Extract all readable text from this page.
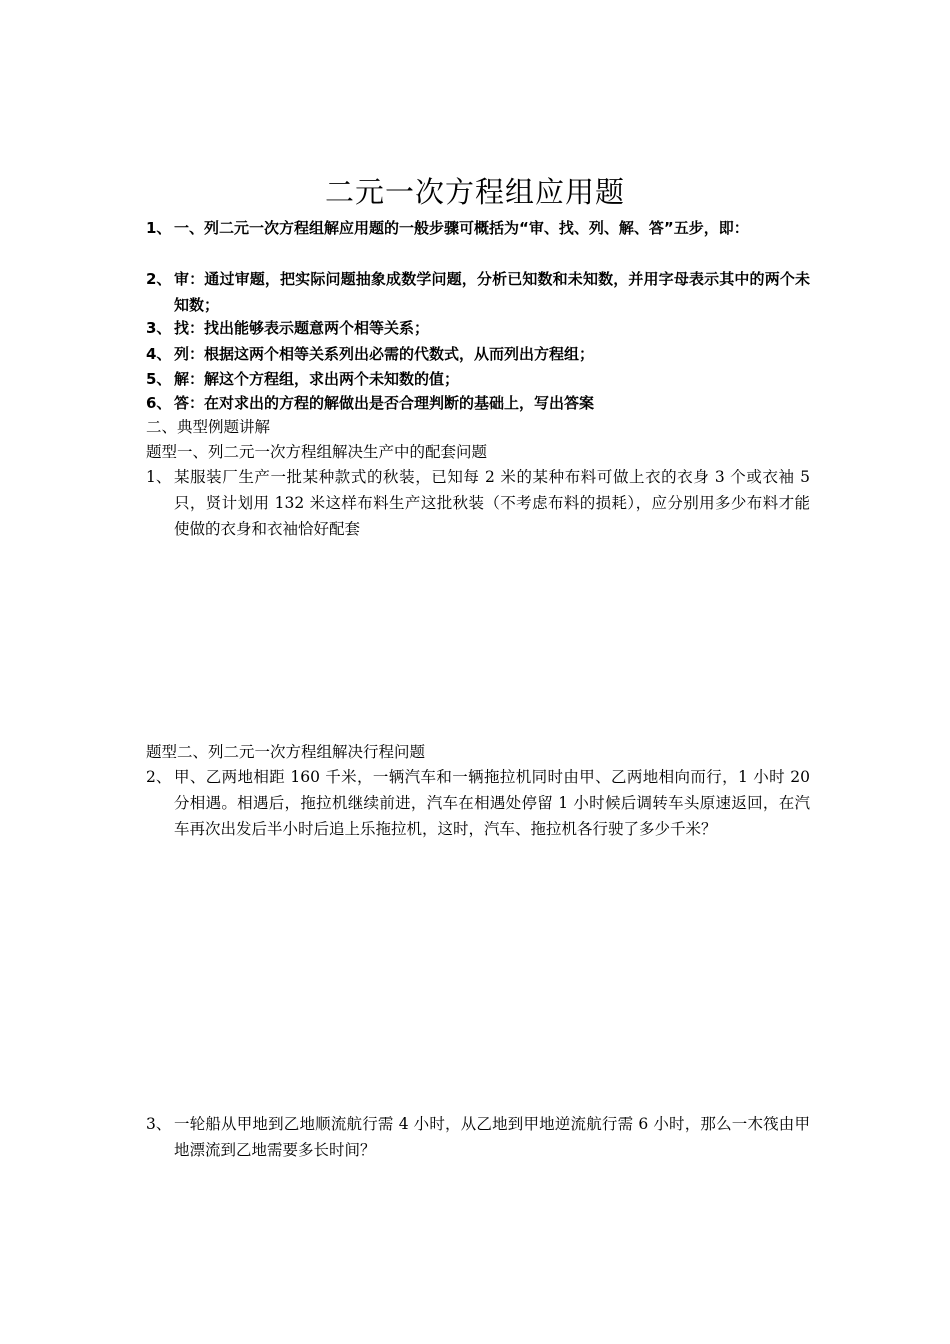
二元一次方程组应用题
1、 一、列二元一次方程组解应用题的一般步骤可概括为“审、找、列、解、答”五步，即：
2、 审：通过审题，把实际问题抽象成数学问题，分析已知数和未知数，并用字母表示其中的两个未知数；
3、 找：找出能够表示题意两个相等关系；
4、 列：根据这两个相等关系列出必需的代数式，从而列出方程组；
5、 解：解这个方程组，求出两个未知数的值；
6、 答：在对求出的方程的解做出是否合理判断的基础上，写出答案
二、典型例题讲解
题型一、列二元一次方程组解决生产中的配套问题
1、 某服装厂生产一批某种款式的秋装，已知每 2 米的某种布料可做上衣的衣身 3 个或衣袖 5 只，贤计划用 132 米这样布料生产这批秋装（不考虑布料的损耗），应分别用多少布料才能使做的衣身和衣袖恰好配套
题型二、列二元一次方程组解决行程问题
2、 甲、乙两地相距 160 千米，一辆汽车和一辆拖拉机同时由甲、乙两地相向而行，1 小时 20 分相遇。相遇后，拖拉机继续前进，汽车在相遇处停留 1 小时候后调转车头原速返回，在汽车再次出发后半小时后追上乐拖拉机，这时，汽车、拖拉机各行驶了多少千米？
3、 一轮船从甲地到乙地顺流航行需 4 小时，从乙地到甲地逆流航行需 6 小时，那么一木筏由甲地漂流到乙地需要多长时间？
